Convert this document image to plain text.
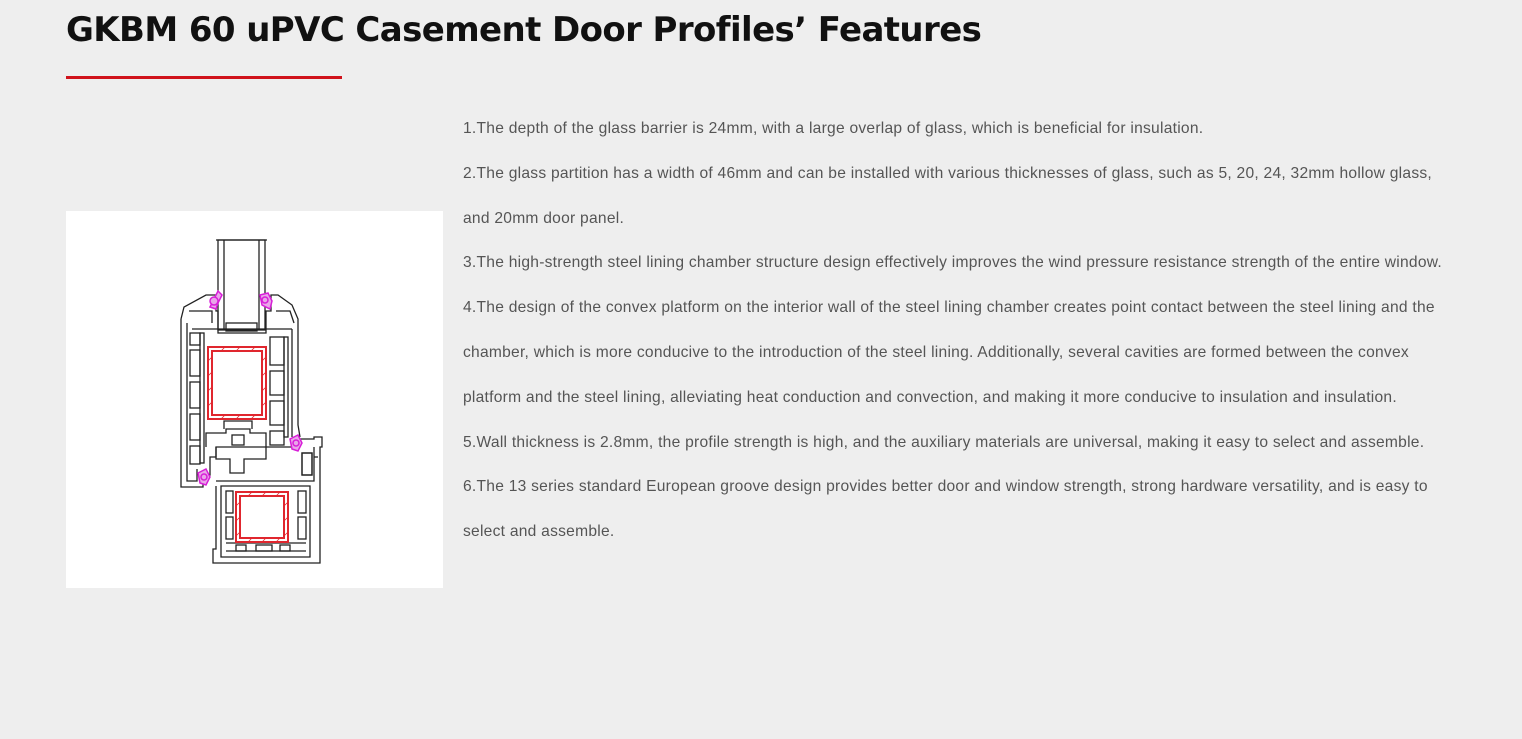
GKBM 60 uPVC Casement Door Profiles’ Features
1.The depth of the glass barrier is 24mm, with a large overlap of glass, which is beneficial for insulation.
2.The glass partition has a width of 46mm and can be installed with various thicknesses of glass, such as 5, 20, 24, 32mm hollow glass, and 20mm door panel.
3.The high-strength steel lining chamber structure design effectively improves the wind pressure resistance strength of the entire window.
4.The design of the convex platform on the interior wall of the steel lining chamber creates point contact between the steel lining and the chamber, which is more conducive to the introduction of the steel lining. Additionally, several cavities are formed between the convex platform and the steel lining, alleviating heat conduction and convection, and making it more conducive to insulation and insulation.
5.Wall thickness is 2.8mm, the profile strength is high, and the auxiliary materials are universal, making it easy to select and assemble.
6.The 13 series standard European groove design provides better door and window strength, strong hardware versatility, and is easy to select and assemble.
